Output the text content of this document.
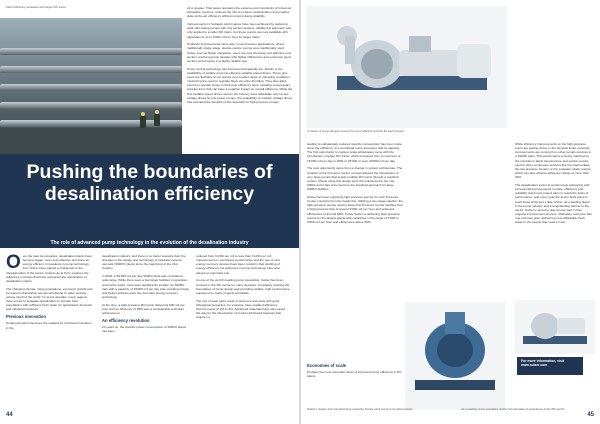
Plant efficiency increases with larger RO trains
Pushing the boundaries of desalination efficiency
The role of advanced pump technology in the evolution of the desalination industry

Over the past two decades, desalination plants have become bigger, more cost-effective and twice as energy efficient. Innovations in pump technology from Sulzer have played a critical part in the transformation of the sector. Antonio de la Torre explores the advances in pumps that have supported the optimization of desalination plants.

The changing climate, rising populations, economic growth and increased urbanization are all contributing to water scarcity across much of the world. In recent decades, many regions have turned to seawater desalination to provide their populations with sufficient fresh water for agricultural, domestic and industrial purposes.

Previous innovation

Surging demand has been the catalyst for continual innovation in the

desalination industry, and there is no better example than the changes in the design and technology of seawater reverse osmosis (SWRO) plants since the beginning of the 21st Century.

In 2001, a 50’000 m3 per day SWRO plant was considered quite large. While there were a few larger facilities in operation around the world, most were significantly smaller. An SWRO train with a capacity of 15’000 m3 per day was considered large and Pelton turbines were the dominant energy recovery technology.

At the time, a high-pressure RO pump delivering 600 m3 per hour with an efficiency of 85% was a considerable technical achievement.

An efficiency revolution

20 years on, the specific power consumption of SWRO plants has been

reduced from 6 kWh per m3 to less than 3 kWh per m3. Improvements in membrane performance and the use of new energy recovery devices have been crucial in that doubling of energy efficiency but advances in pump technology have also played an important role.

As one of the world’s leading pump specialists, Sulzer has been involved in the RO sector for many decades. Constantly pushing the boundaries of pump design and providing reliable, high-performance equipment to major projects worldwide.

The use of wear parts made of polymers and parts with good tribological properties, for example, have enabled efficiency improvements of 2% to 3%. Advanced materials have also paved the way for the introduction of product-lubricated bearings that require no

44

oil or grease. That saves operators the expense and complexity of forced-oil lubrication systems, reduces the risk of product contamination and enables state-of-the-art efficiency without compromising reliability.

Improvements in hydraulic performance have been achieved by replacing axial split casing pumps with ring section designs. Initially this approach was only applied to smaller RO trains, but these pumps are now available with capacities of up to 3’000 m3 per hour for larger trains.

Hydraulic improvements came also in low-pressure applications, where traditionally single-stage, double-suction pumps were traditionally used. Today, even at higher capacities, users are now choosing cost-effective end-suction overhung pump designs with higher efficiencies and extremely good suction performance in a highly reliable way.

Pump control technology has improved dramatically too, thanks to the availability of reliable and cost-effective variable speed drives. These give users the flexibility to run pumps over a wider range of operating conditions, minimizing the need to regulate flows via valve throttling. They also allow pumps to operate closer to their best efficiency point, avoiding unnecessary impeller trims that can have a negative impact on overall efficiency. While the first variable speed drives used in the industry were affordable only for low voltage drives for low-power pumps, the availability of medium voltage drives has extended the benefits of this approach to high-pressure pumps.

A choice of pump designs ensure the most efficient solution for each project.

leading to substantially reduced specific consumption has been scale, since the efficiency of a centrifugal pump increases with its capacity. The first opportunity to capture scale advantages came with the introduction of larger RO trains, which increased from a maximum of 15’000 m3 per day in 2001 to 25’000 or even 30’000 m3 per day.

The next opportunity came from a change in system architecture. The creation of the Pressure Center concept allowed the introduction of very large pumps that supply multiple RO trains through a manifold system. Plants using this design were first introduced in the mid-2000s and it has since become the standard approach for large SWRO facilities.

Sulzer has been supplying high-pressure pumps for such Pressure Center concepts from the beginning. Utilizing a two-stage solution, the high-pressure pumps used in these first Pressure Center facilities had a high-pressure flow of around 3’000 m3 per hour and achieved efficiencies of around 88%. Today Sulzer is delivering high-pressure pumps for the largest plants with capacities in the range of 3’500 to 4’000 m3 per hour and efficiencies above 90%.

While efficiency improvements on the high-pressure pump are getting closer to the physical limits, potential improvements are coming from other pumps services in a SWRO plant. This performance is being matched by the company’s latest low-pressure and suction pumps used in other continuous services like the intermediate, the low-pressure booster or the seawater intake pumps, which can also achieve efficiency ratings of more than 90%.

The desalination sector is continuously advancing with incremental improvements in scale, efficiency and reliability. Each new project aims to reach the limits of performance, and every year the sector finds ways to push those limits just a little further. As a leading player in the pump industry and a longstanding partner to the sector, Sulzer is proud to play its own part in that ongoing improvement process. Ultimately, everyone has one common goal: delivering more affordable fresh water to the people that need it most.

For more information, visit www.sulzer.com
Economies of scale

Perhaps the most important driver of improved pump efficiency in RO plants

Sulzer’s design and manufacturing expertise boosts each pump to its optimal level.	As a leading pump specialist, Sulzer has decades of experience in the RO sector.
45
